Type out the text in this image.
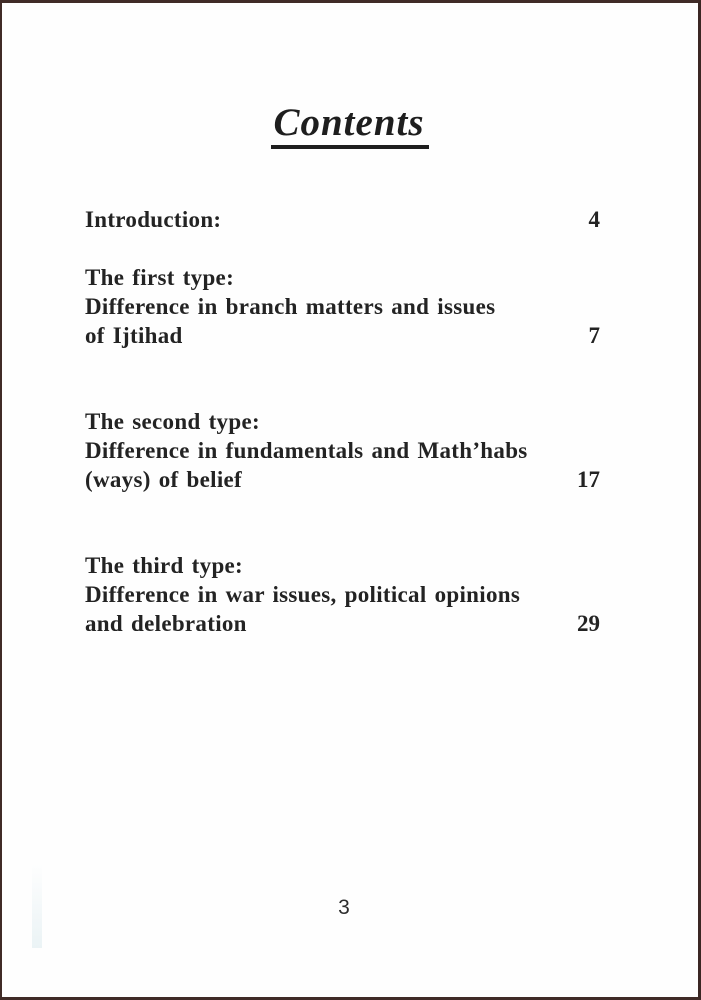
Contents
Introduction:	4
The first type:
Difference in branch matters and issues
of Ijtihad	7
The second type:
Difference in fundamentals and Math’habs
(ways) of belief	17
The third type:
Difference in war issues, political opinions
and delebration	29
3
